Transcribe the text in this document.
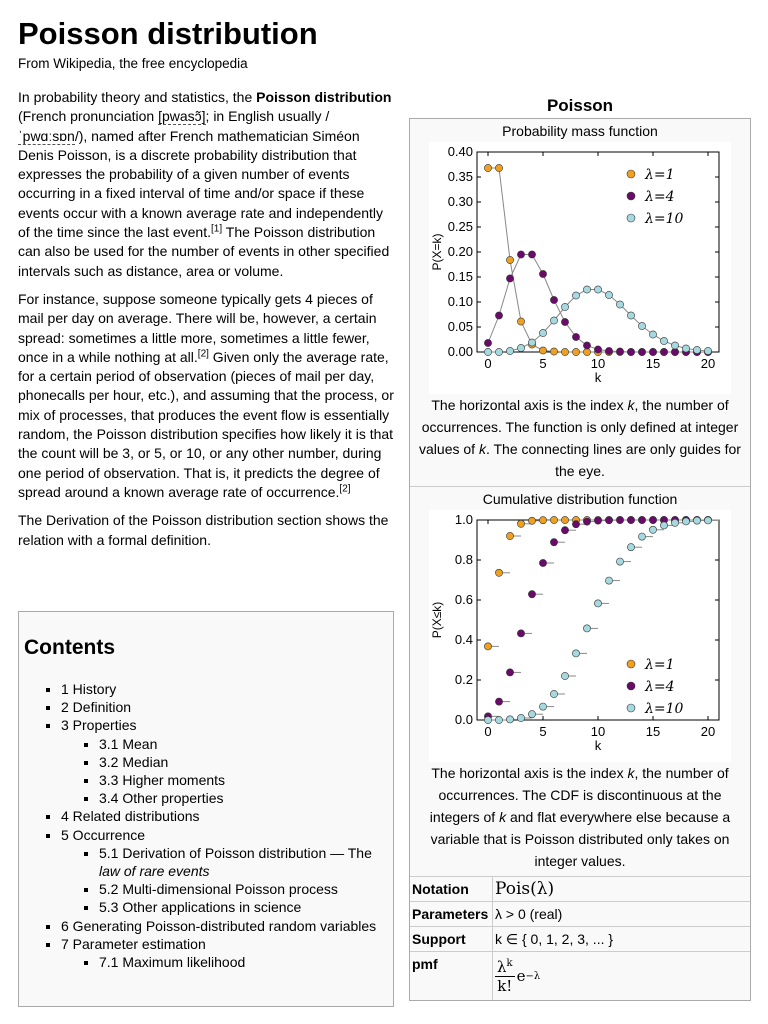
Poisson distribution
From Wikipedia, the free encyclopedia

In probability theory and statistics, the Poisson distribution (French pronunciation [pwasɔ̃]; in English usually /ˈpwɑːsɒn/), named after French mathematician Siméon Denis Poisson, is a discrete probability distribution that expresses the probability of a given number of events occurring in a fixed interval of time and/or space if these events occur with a known average rate and independently of the time since the last event.[1] The Poisson distribution can also be used for the number of events in other specified intervals such as distance, area or volume.

For instance, suppose someone typically gets 4 pieces of mail per day on average. There will be, however, a certain spread: sometimes a little more, sometimes a little fewer, once in a while nothing at all.[2] Given only the average rate, for a certain period of observation (pieces of mail per day, phonecalls per hour, etc.), and assuming that the process, or mix of processes, that produces the event flow is essentially random, the Poisson distribution specifies how likely it is that the count will be 3, or 5, or 10, or any other number, during one period of observation. That is, it predicts the degree of spread around a known average rate of occurrence.[2]

The Derivation of the Poisson distribution section shows the relation with a formal definition.

Contents
▪ 1 History
▪ 2 Definition
▪ 3 Properties
▪ 3.1 Mean
▪ 3.2 Median
▪ 3.3 Higher moments
▪ 3.4 Other properties
▪ 4 Related distributions
▪ 5 Occurrence
▪ 5.1 Derivation of Poisson distribution — The law of rare events
▪ 5.2 Multi-dimensional Poisson process
▪ 5.3 Other applications in science
▪ 6 Generating Poisson-distributed random variables
▪ 7 Parameter estimation
▪ 7.1 Maximum likelihood
Poisson
Probability mass function
0.00
0.05
0.10
0.15
0.20
0.25
0.30
0.35
0.40
0	5	10	15	20
k
P(X=k)
λ=1
λ=4
λ=10
The horizontal axis is the index k, the number of occurrences. The function is only defined at integer values of k. The connecting lines are only guides for the eye.
Cumulative distribution function
0.0
0.2
0.4
0.6
0.8
1.0
0	5	10	15	20
k
P(X≤k)
λ=1
λ=4
λ=10
The horizontal axis is the index k, the number of occurrences. The CDF is discontinuous at the integers of k and flat everywhere else because a variable that is Poisson distributed only takes on integer values.
Notation	Pois(λ)
Parameters λ > 0 (real)
Support	k ∈ { 0, 1, 2, 3, ... }
pmf	$\lambda^k$
k!
e −λ
